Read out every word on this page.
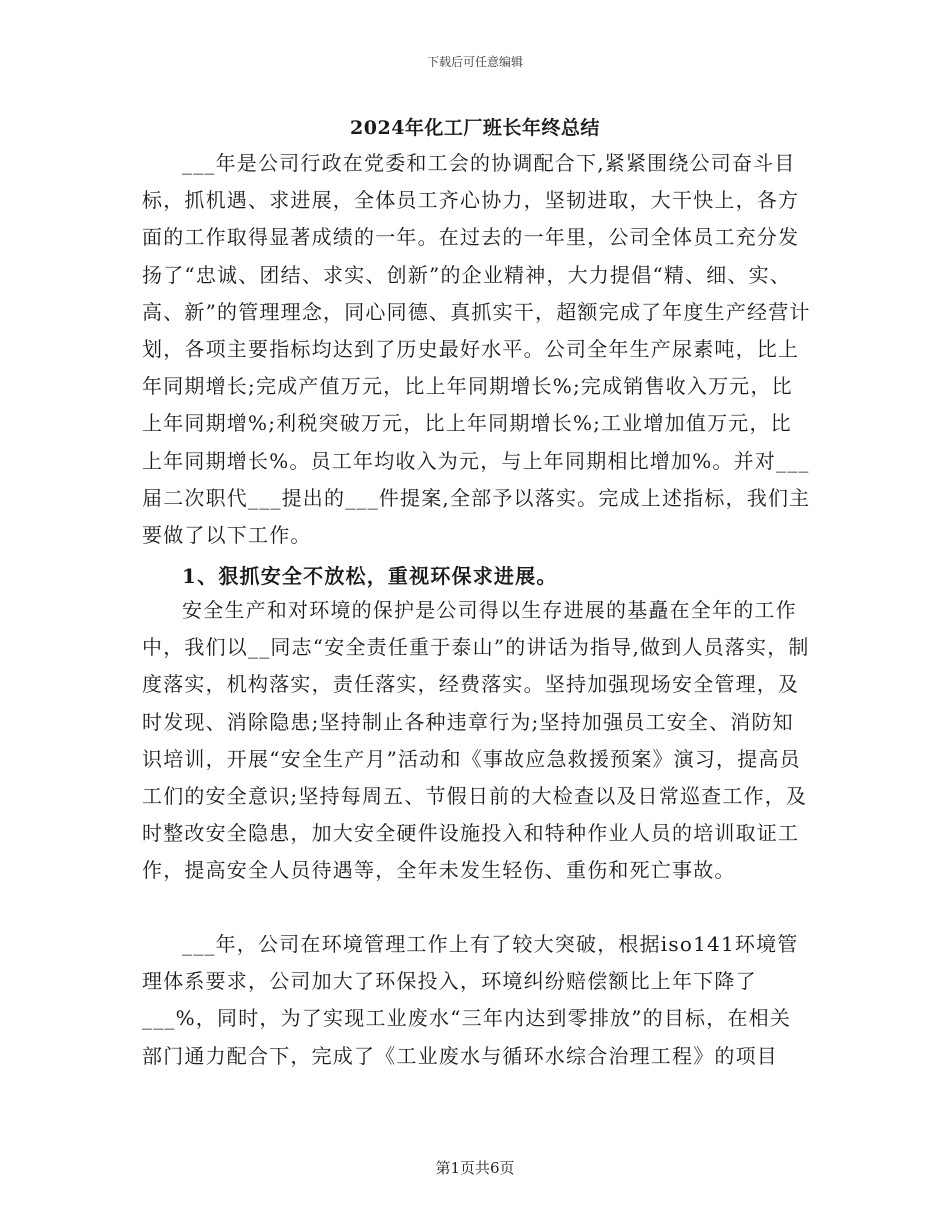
下载后可任意编辑
2024年化工厂班长年终总结

___年是公司行政在党委和工会的协调配合下,紧紧围绕公司奋斗目标，抓机遇、求进展，全体员工齐心协力，坚韧进取，大干快上，各方面的工作取得显著成绩的一年。在过去的一年里，公司全体员工充分发扬了“忠诚、团结、求实、创新”的企业精神，大力提倡“精、细、实、高、新”的管理理念，同心同德、真抓实干，超额完成了年度生产经营计划，各项主要指标均达到了历史最好水平。公司全年生产尿素吨，比上年同期增长;完成产值万元，比上年同期增长%;完成销售收入万元，比上年同期增%;利税突破万元，比上年同期增长%;工业增加值万元，比上年同期增长%。员工年均收入为元，与上年同期相比增加%。并对___届二次职代___提出的___件提案,全部予以落实。完成上述指标，我们主要做了以下工作。

1、狠抓安全不放松，重视环保求进展。

安全生产和对环境的保护是公司得以生存进展的基矗在全年的工作中，我们以__同志“安全责任重于泰山”的讲话为指导,做到人员落实，制度落实，机构落实，责任落实，经费落实。坚持加强现场安全管理，及时发现、消除隐患;坚持制止各种违章行为;坚持加强员工安全、消防知识培训，开展“安全生产月”活动和《事故应急救援预案》演习，提高员工们的安全意识;坚持每周五、节假日前的大检查以及日常巡查工作，及时整改安全隐患，加大安全硬件设施投入和特种作业人员的培训取证工作，提高安全人员待遇等，全年未发生轻伤、重伤和死亡事故。

___年，公司在环境管理工作上有了较大突破，根据iso141环境管理体系要求，公司加大了环保投入，环境纠纷赔偿额比上年下降了___%，同时，为了实现工业废水“三年内达到零排放”的目标，在相关部门通力配合下，完成了《工业废水与循环水综合治理工程》的项目

第1页共6页
